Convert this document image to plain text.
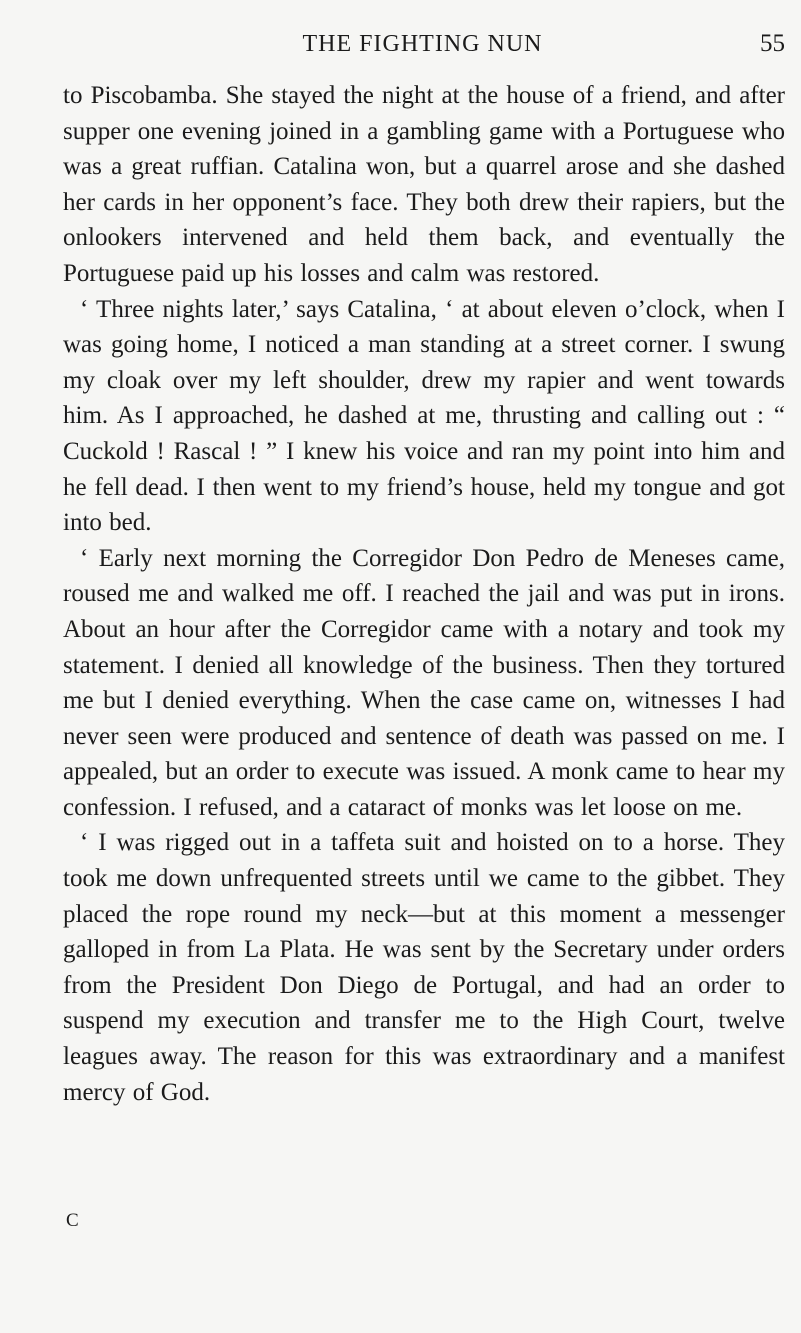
THE FIGHTING NUN	55

to Piscobamba. She stayed the night at the house of a friend, and after supper one evening joined in a gambling game with a Portuguese who was a great ruffian. Catalina won, but a quarrel arose and she dashed her cards in her opponent’s face. They both drew their rapiers, but the onlookers intervened and held them back, and eventually the Portuguese paid up his losses and calm was restored.

‘ Three nights later,’ says Catalina, ‘ at about eleven o’clock, when I was going home, I noticed a man standing at a street corner. I swung my cloak over my left shoulder, drew my rapier and went towards him. As I approached, he dashed at me, thrusting and calling out : “ Cuckold ! Rascal ! ” I knew his voice and ran my point into him and he fell dead. I then went to my friend’s house, held my tongue and got into bed.

‘ Early next morning the Corregidor Don Pedro de Meneses came, roused me and walked me off. I reached the jail and was put in irons. About an hour after the Corregidor came with a notary and took my statement. I denied all knowledge of the business. Then they tortured me but I denied everything. When the case came on, witnesses I had never seen were produced and sentence of death was passed on me. I appealed, but an order to execute was issued. A monk came to hear my confession. I refused, and a cataract of monks was let loose on me.

‘ I was rigged out in a taffeta suit and hoisted on to a horse. They took me down unfrequented streets until we came to the gibbet. They placed the rope round my neck—but at this moment a messenger galloped in from La Plata. He was sent by the Secretary under orders from the President Don Diego de Portugal, and had an order to suspend my execution and transfer me to the High Court, twelve leagues away. The reason for this was extraordinary and a manifest mercy of God.

C
